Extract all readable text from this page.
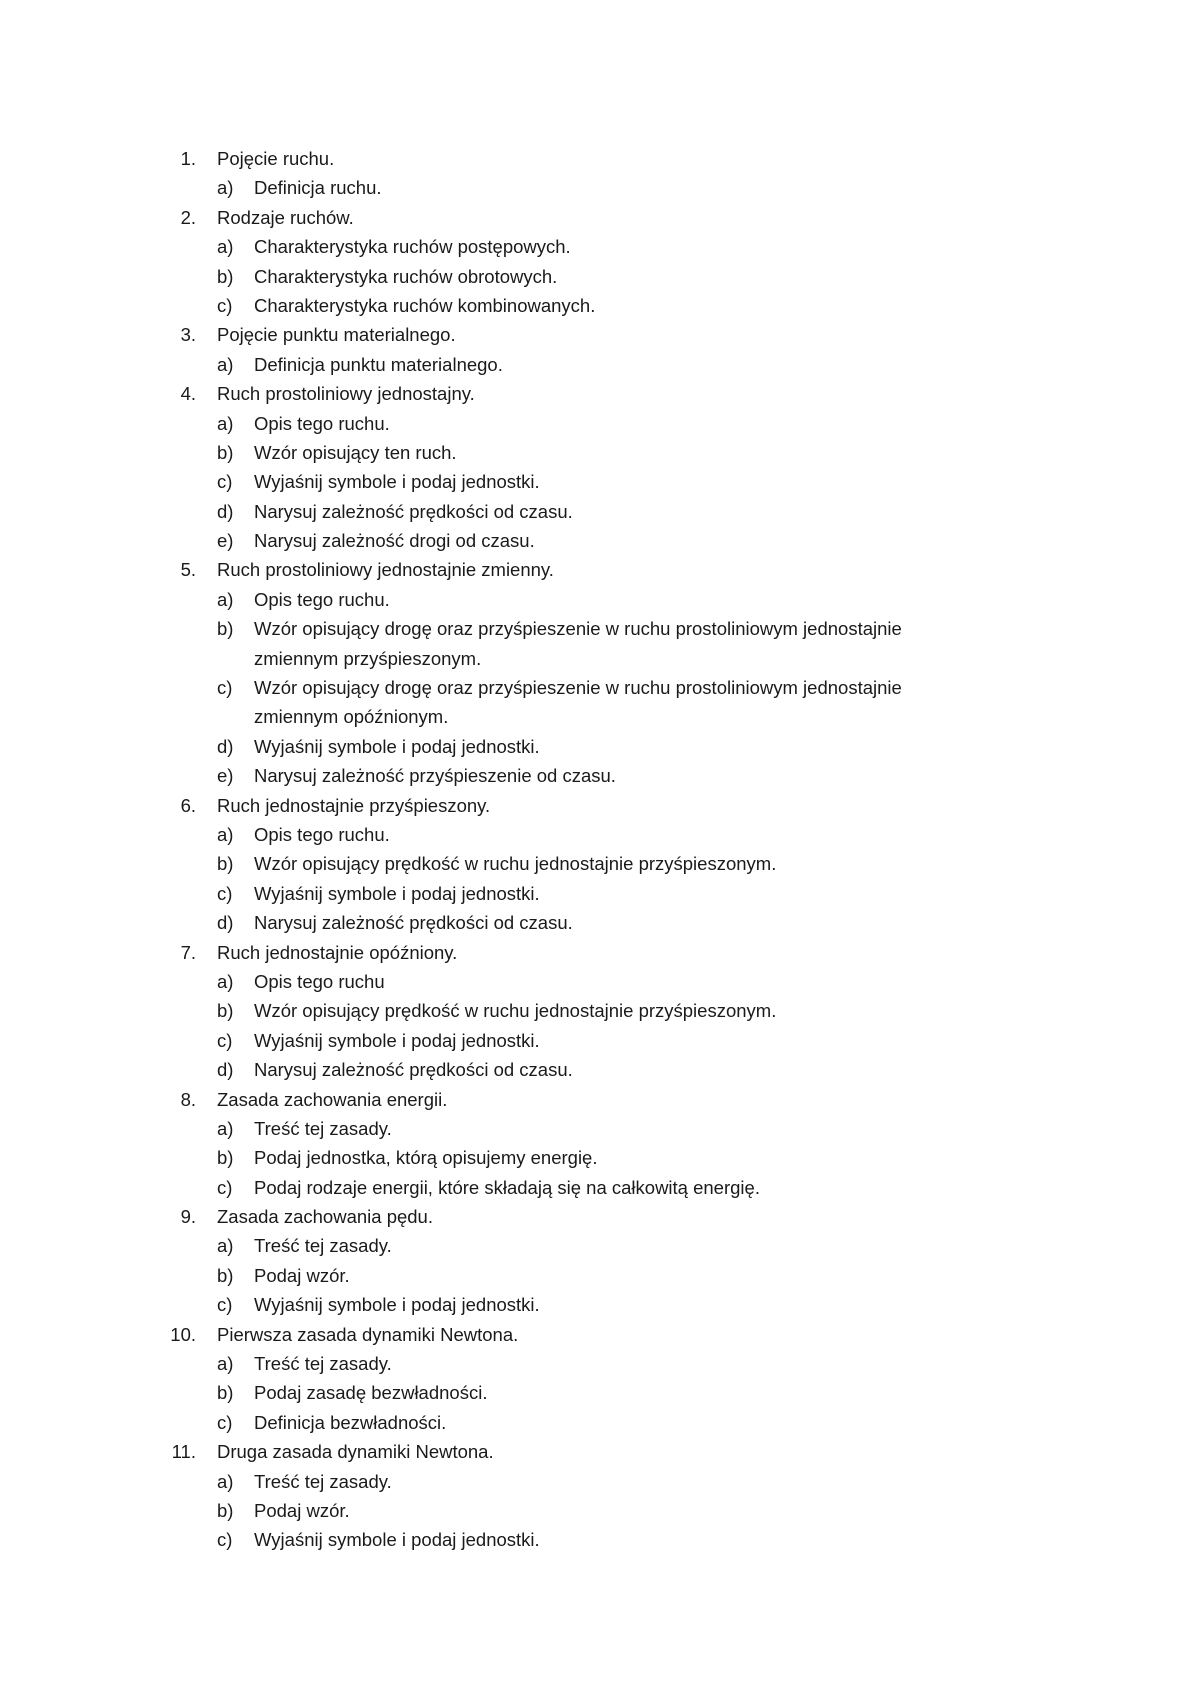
1. Pojęcie ruchu.
a) Definicja ruchu.
2. Rodzaje ruchów.
a) Charakterystyka ruchów postępowych.
b) Charakterystyka ruchów obrotowych.
c) Charakterystyka ruchów kombinowanych.
3. Pojęcie punktu materialnego.
a) Definicja punktu materialnego.
4. Ruch prostoliniowy jednostajny.
a) Opis tego ruchu.
b) Wzór opisujący ten ruch.
c) Wyjaśnij symbole i podaj jednostki.
d) Narysuj zależność prędkości od czasu.
e) Narysuj zależność drogi od czasu.
5. Ruch prostoliniowy jednostajnie zmienny.
a) Opis tego ruchu.
b) Wzór opisujący drogę oraz przyśpieszenie w ruchu prostoliniowym jednostajnie
zmiennym przyśpieszonym.
c) Wzór opisujący drogę oraz przyśpieszenie w ruchu prostoliniowym jednostajnie
zmiennym opóźnionym.
d) Wyjaśnij symbole i podaj jednostki.
e) Narysuj zależność przyśpieszenie od czasu.
6. Ruch jednostajnie przyśpieszony.
a) Opis tego ruchu.
b) Wzór opisujący prędkość w ruchu jednostajnie przyśpieszonym.
c) Wyjaśnij symbole i podaj jednostki.
d) Narysuj zależność prędkości od czasu.
7. Ruch jednostajnie opóźniony.
a) Opis tego ruchu
b) Wzór opisujący prędkość w ruchu jednostajnie przyśpieszonym.
c) Wyjaśnij symbole i podaj jednostki.
d) Narysuj zależność prędkości od czasu.
8. Zasada zachowania energii.
a) Treść tej zasady.
b) Podaj jednostka, którą opisujemy energię.
c) Podaj rodzaje energii, które składają się na całkowitą energię.
9. Zasada zachowania pędu.
a) Treść tej zasady.
b) Podaj wzór.
c) Wyjaśnij symbole i podaj jednostki.
10. Pierwsza zasada dynamiki Newtona.
a) Treść tej zasady.
b) Podaj zasadę bezwładności.
c) Definicja bezwładności.
11. Druga zasada dynamiki Newtona.
a) Treść tej zasady.
b) Podaj wzór.
c) Wyjaśnij symbole i podaj jednostki.
